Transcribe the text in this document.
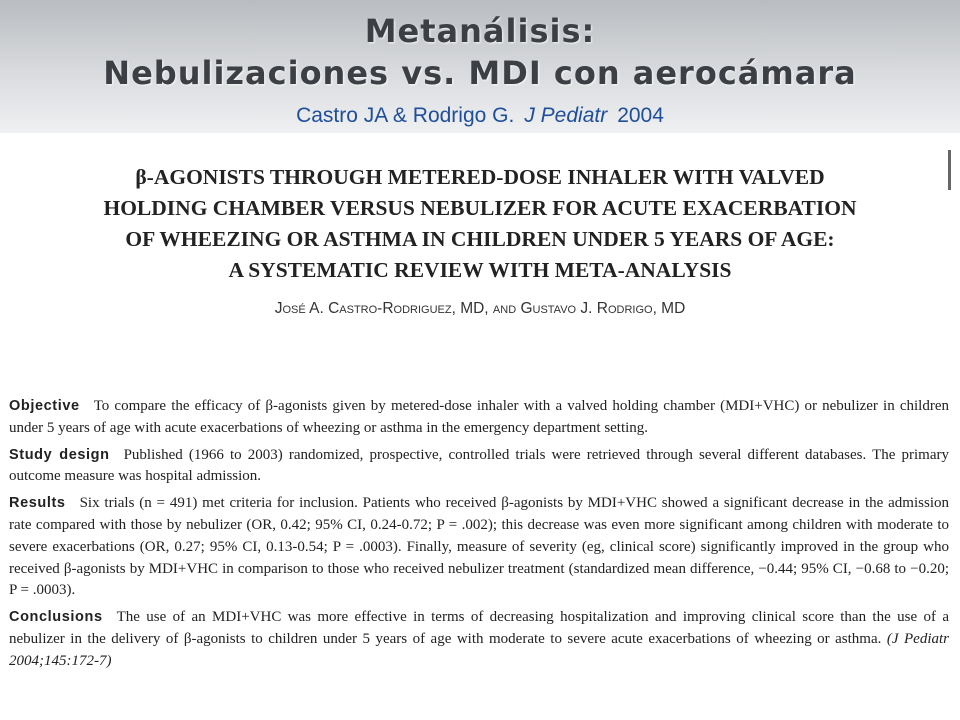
Metanálisis:
Nebulizaciones vs. MDI con aerocámara
Castro JA & Rodrigo G. J Pediatr 2004
β-AGONISTS THROUGH METERED-DOSE INHALER WITH VALVED
HOLDING CHAMBER VERSUS NEBULIZER FOR ACUTE EXACERBATION
OF WHEEZING OR ASTHMA IN CHILDREN UNDER 5 YEARS OF AGE:
A SYSTEMATIC REVIEW WITH META-ANALYSIS
José A. Castro-Rodriguez, MD, and Gustavo J. Rodrigo, MD

Objective To compare the efficacy of β-agonists given by metered-dose inhaler with a valved holding chamber (MDI+VHC) or nebulizer in children under 5 years of age with acute exacerbations of wheezing or asthma in the emergency department setting.

Study design Published (1966 to 2003) randomized, prospective, controlled trials were retrieved through several different databases. The primary outcome measure was hospital admission.

Results Six trials (n = 491) met criteria for inclusion. Patients who received β-agonists by MDI+VHC showed a significant decrease in the admission rate compared with those by nebulizer (OR, 0.42; 95% CI, 0.24-0.72; P = .002); this decrease was even more significant among children with moderate to severe exacerbations (OR, 0.27; 95% CI, 0.13-0.54; P = .0003). Finally, measure of severity (eg, clinical score) significantly improved in the group who received β-agonists by MDI+VHC in comparison to those who received nebulizer treatment (standardized mean difference, −0.44; 95% CI, −0.68 to −0.20; P = .0003).

Conclusions The use of an MDI+VHC was more effective in terms of decreasing hospitalization and improving clinical score than the use of a nebulizer in the delivery of β-agonists to children under 5 years of age with moderate to severe acute exacerbations of wheezing or asthma. (J Pediatr 2004;145:172-7)
